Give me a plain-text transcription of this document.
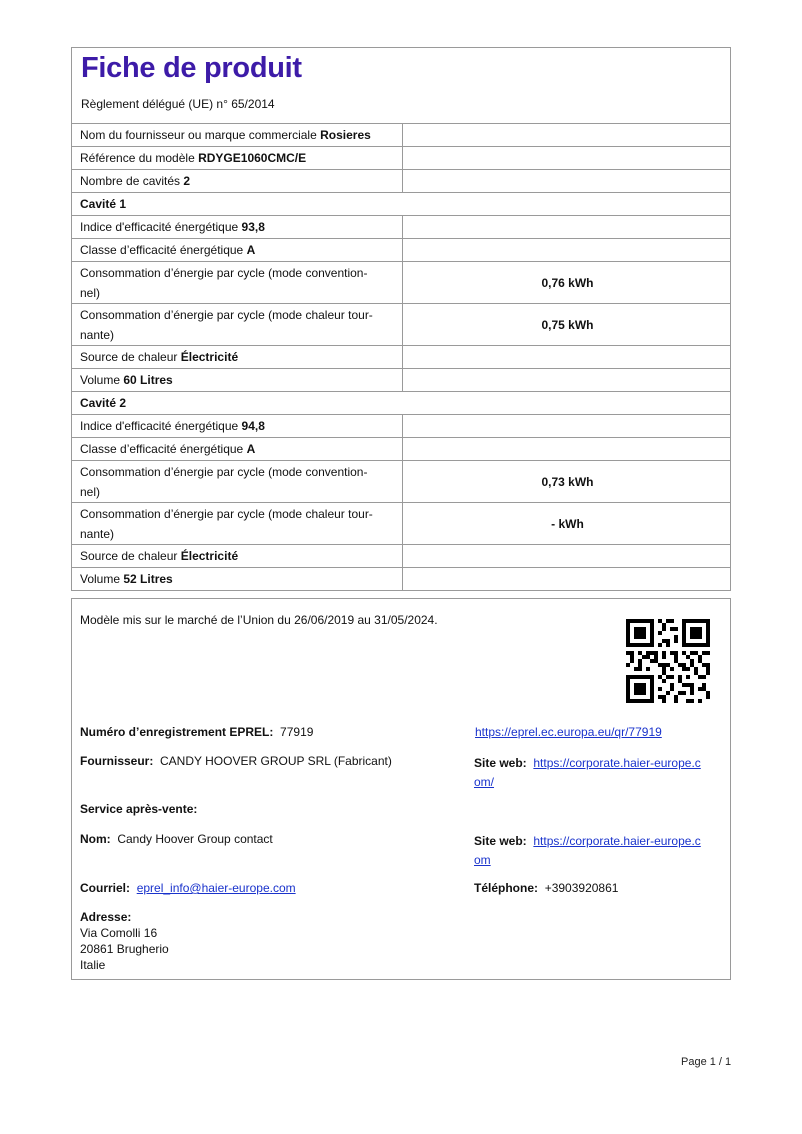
Fiche de produit
Règlement délégué (UE) n° 65/2014
Nom du fournisseur ou marque commerciale Rosieres	
Référence du modèle RDYGE1060CMC/E	
Nombre de cavités 2	
Cavité 1	
Indice d'efficacité énergétique 93,8	
Classe d’efficacité énergétique A	
Consommation d’énergie par cycle (mode convention-
nel)	0,76 kWh
Consommation d’énergie par cycle (mode chaleur tour-
nante)	0,75 kWh
Source de chaleur Électricité	
Volume 60 Litres	
Cavité 2	
Indice d'efficacité énergétique 94,8	
Classe d’efficacité énergétique A	
Consommation d’énergie par cycle (mode convention-
nel)	0,73 kWh
Consommation d’énergie par cycle (mode chaleur tour-
nante)	- kWh
Source de chaleur Électricité	
Volume 52 Litres	
Modèle mis sur le marché de l’Union du 26/06/2019 au 31/05/2024.
Numéro d’enregistrement EPREL: 77919	https://eprel.ec.europa.eu/qr/77919
Fournisseur: CANDY HOOVER GROUP SRL (Fabricant)	Site web: https://corporate.haier-europe.c
om/
Service après-vente:
Nom: Candy Hoover Group contact	Site web: https://corporate.haier-europe.c
om
Courriel: eprel_info@haier-europe.com	Téléphone: +3903920861
Adresse:
Via Comolli 16
20861 Brugherio
Italie
Page 1 / 1
